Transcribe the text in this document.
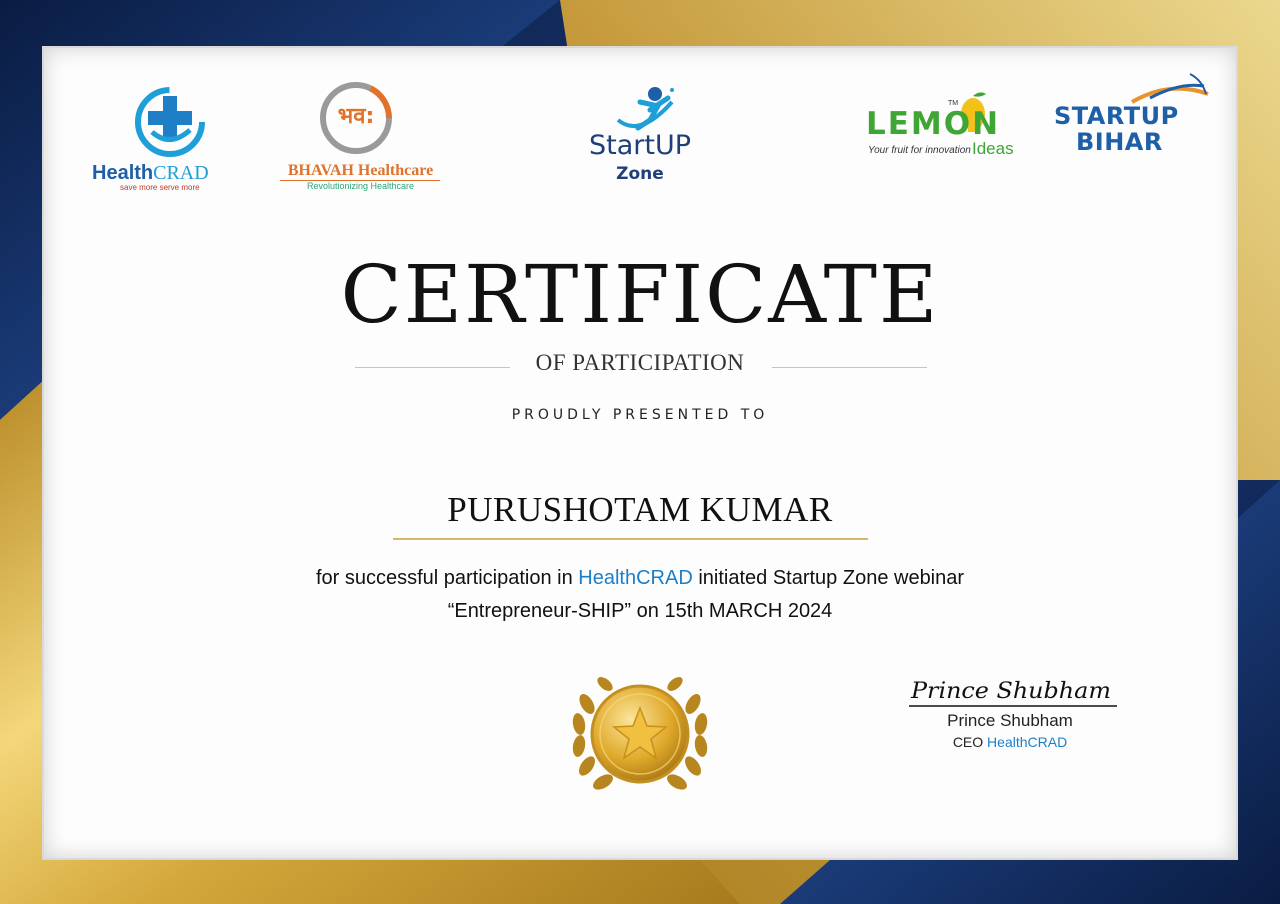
HealthCRAD
save more serve more
भव:
BHAVAH Healthcare
Revolutionizing Healthcare
StartUP
Zone
LEMON
TM
Your fruit for innovation Ideas
STARTUP
BIHAR
CERTIFICATE
OF PARTICIPATION
PROUDLY PRESENTED TO
PURUSHOTAM KUMAR
for successful participation in HealthCRAD initiated Startup Zone webinar
“Entrepreneur-SHIP” on 15th MARCH 2024
Prince Shubham
Prince Shubham
CEO HealthCRAD
